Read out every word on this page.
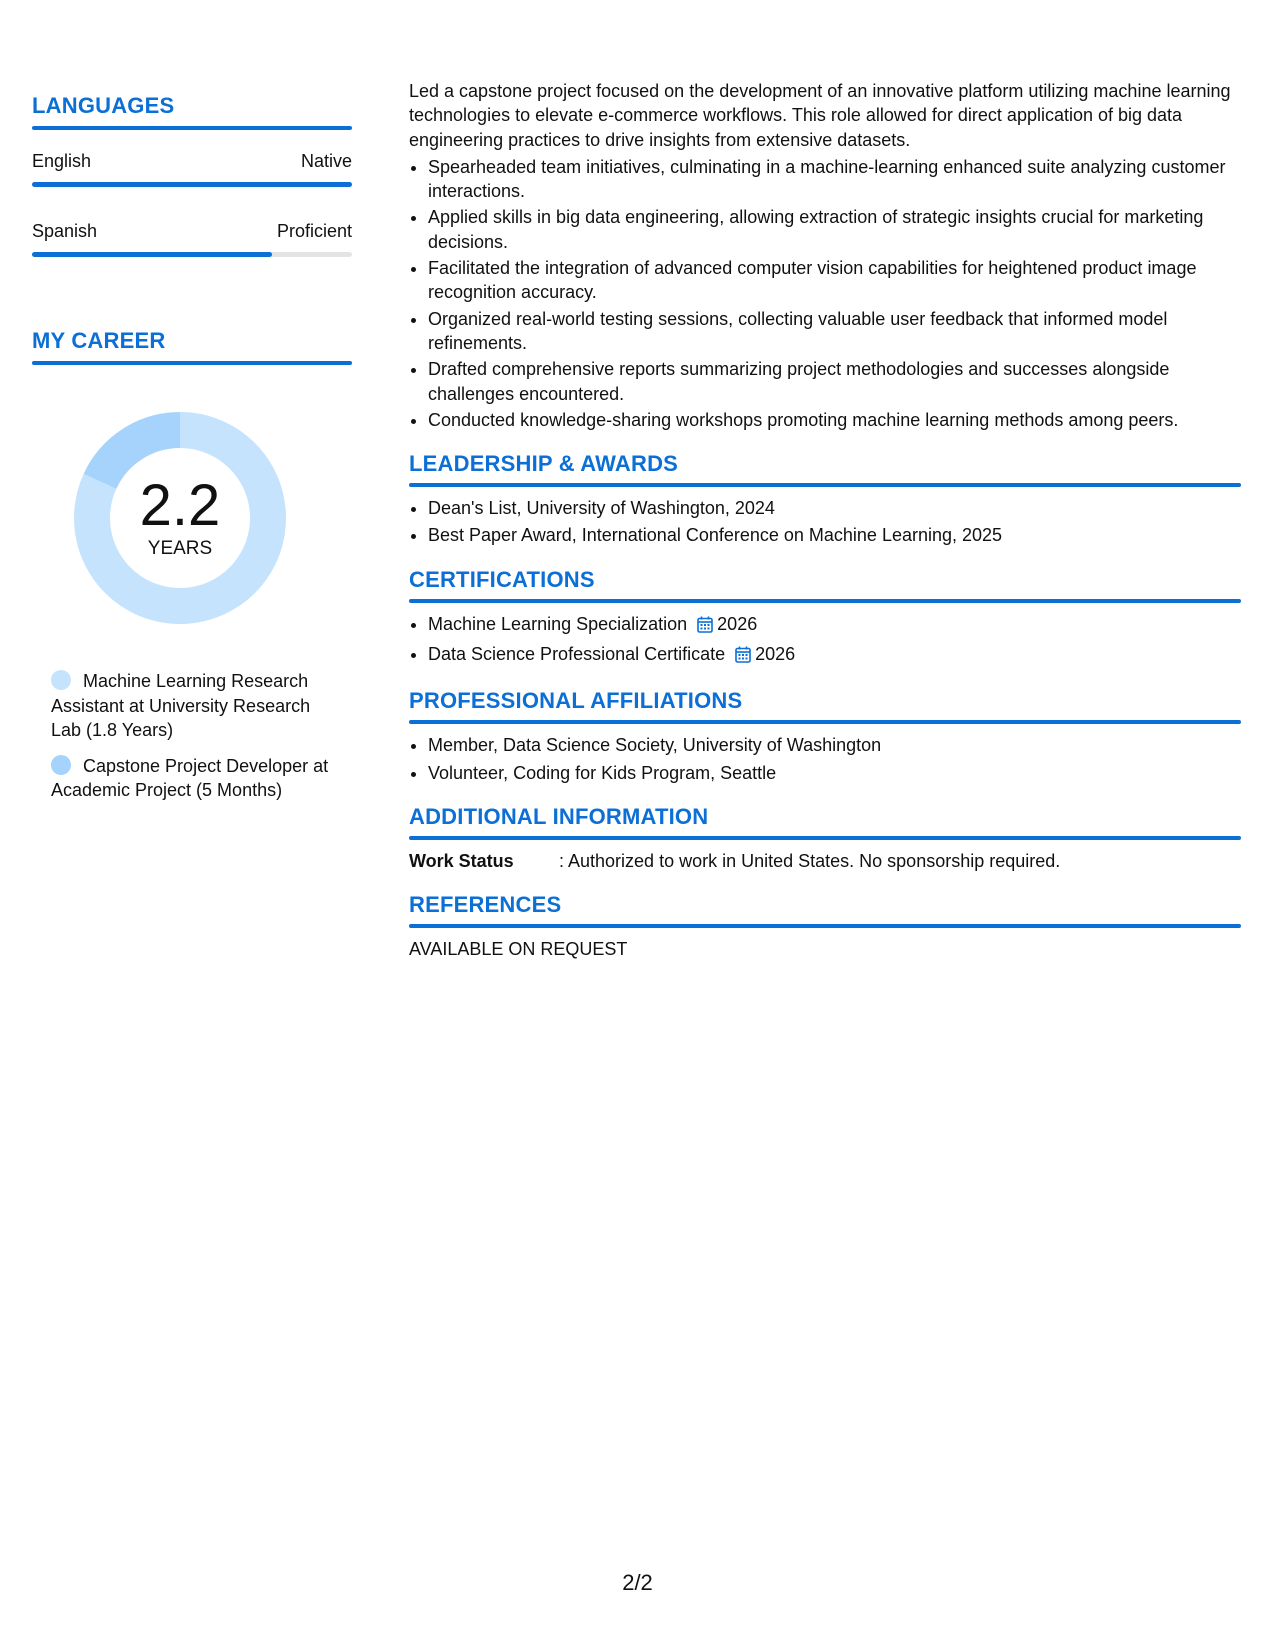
LANGUAGES
English	Native
Spanish	Proficient
MY CAREER
2.2
YEARS
Machine Learning Research Assistant at University Research Lab (1.8 Years)
Capstone Project Developer at Academic Project (5 Months)

Led a capstone project focused on the development of an innovative platform utilizing machine learning technologies to elevate e-commerce workflows. This role allowed for direct application of big data engineering practices to drive insights from extensive datasets.

• Spearheaded team initiatives, culminating in a machine-learning enhanced suite analyzing customer interactions.
• Applied skills in big data engineering, allowing extraction of strategic insights crucial for marketing decisions.
• Facilitated the integration of advanced computer vision capabilities for heightened product image recognition accuracy.
• Organized real-world testing sessions, collecting valuable user feedback that informed model refinements.
• Drafted comprehensive reports summarizing project methodologies and successes alongside challenges encountered.
• Conducted knowledge-sharing workshops promoting machine learning methods among peers.
LEADERSHIP & AWARDS
• Dean's List, University of Washington, 2024
• Best Paper Award, International Conference on Machine Learning, 2025
CERTIFICATIONS
• Machine Learning Specialization 2026
• Data Science Professional Certificate 2026
PROFESSIONAL AFFILIATIONS
• Member, Data Science Society, University of Washington
• Volunteer, Coding for Kids Program, Seattle
ADDITIONAL INFORMATION
Work Status	: Authorized to work in United States. No sponsorship required.
REFERENCES
AVAILABLE ON REQUEST
2/2
